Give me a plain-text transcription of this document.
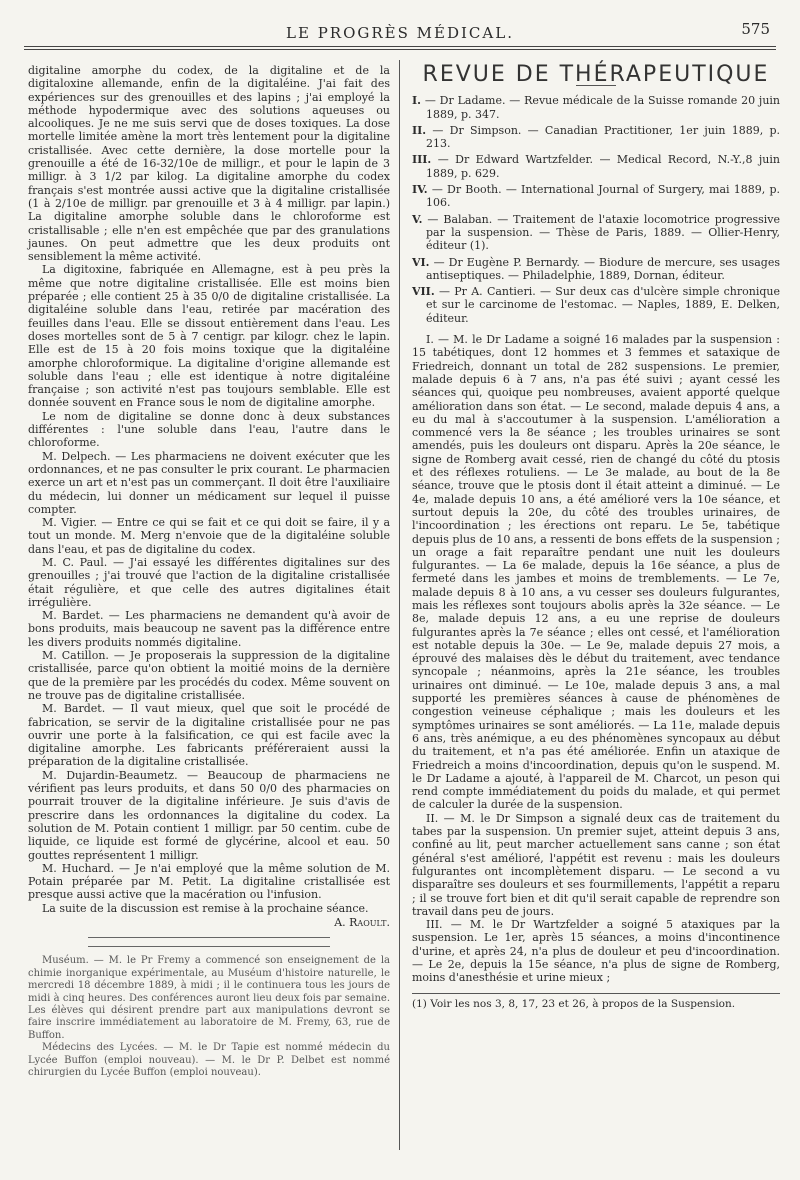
LE PROGRÈS MÉDICAL.	575

digitaline amorphe du codex, de la digitaline et de la digitaloxine allemande, enfin de la digitaléine. J'ai fait des expériences sur des grenouilles et des lapins ; j'ai employé la méthode hypodermique avec des solutions aqueuses ou alcooliques. Je ne me suis servi que de doses toxiques. La dose mortelle limitée amène la mort très lentement pour la digitaline cristallisée. Avec cette dernière, la dose mortelle pour la grenouille a été de 16-32/10e de milligr., et pour le lapin de 3 milligr. à 3 1/2 par kilog. La digitaline amorphe du codex français s'est montrée aussi active que la digitaline cristallisée (1 à 2/10e de milligr. par grenouille et 3 à 4 milligr. par lapin.) La digitaline amorphe soluble dans le chloroforme est cristallisable ; elle n'en est empêchée que par des granulations jaunes. On peut admettre que les deux produits ont sensiblement la même activité.

La digitoxine, fabriquée en Allemagne, est à peu près la même que notre digitaline cristallisée. Elle est moins bien préparée ; elle contient 25 à 35 0/0 de digitaline cristallisée. La digitaléine soluble dans l'eau, retirée par macération des feuilles dans l'eau. Elle se dissout entièrement dans l'eau. Les doses mortelles sont de 5 à 7 centigr. par kilogr. chez le lapin. Elle est de 15 à 20 fois moins toxique que la digitaléine amorphe chloroformique. La digitaline d'origine allemande est soluble dans l'eau ; elle est identique à notre digitaléine française ; son activité n'est pas toujours semblable. Elle est donnée souvent en France sous le nom de digitaline amorphe.

Le nom de digitaline se donne donc à deux substances différentes : l'une soluble dans l'eau, l'autre dans le chloroforme.

M. Delpech. — Les pharmaciens ne doivent exécuter que les ordonnances, et ne pas consulter le prix courant. Le pharmacien exerce un art et n'est pas un commerçant. Il doit être l'auxiliaire du médecin, lui donner un médicament sur lequel il puisse compter.

M. Vigier. — Entre ce qui se fait et ce qui doit se faire, il y a tout un monde. M. Merg n'envoie que de la digitaléine soluble dans l'eau, et pas de digitaline du codex.

M. C. Paul. — J'ai essayé les différentes digitalines sur des grenouilles ; j'ai trouvé que l'action de la digitaline cristallisée était régulière, et que celle des autres digitalines était irrégulière.

M. Bardet. — Les pharmaciens ne demandent qu'à avoir de bons produits, mais beaucoup ne savent pas la différence entre les divers produits nommés digitaline.

M. Catillon. — Je proposerais la suppression de la digitaline cristallisée, parce qu'on obtient la moitié moins de la dernière que de la première par les procédés du codex. Même souvent on ne trouve pas de digitaline cristallisée.

M. Bardet. — Il vaut mieux, quel que soit le procédé de fabrication, se servir de la digitaline cristallisée pour ne pas ouvrir une porte à la falsification, ce qui est facile avec la digitaline amorphe. Les fabricants préféreraient aussi la préparation de la digitaline cristallisée.

M. Dujardin-Beaumetz. — Beaucoup de pharmaciens ne vérifient pas leurs produits, et dans 50 0/0 des pharmacies on pourrait trouver de la digitaline inférieure. Je suis d'avis de prescrire dans les ordonnances la digitaline du codex. La solution de M. Potain contient 1 milligr. par 50 centim. cube de liquide, ce liquide est formé de glycérine, alcool et eau. 50 gouttes représentent 1 milligr.

M. Huchard. — Je n'ai employé que la même solution de M. Potain préparée par M. Petit. La digitaline cristallisée est presque aussi active que la macération ou l'infusion.

La suite de la discussion est remise à la prochaine séance.

A. Raoult.

Muséum. — M. le Pr Fremy a commencé son enseignement de la chimie inorganique expérimentale, au Muséum d'histoire naturelle, le mercredi 18 décembre 1889, à midi ; il le continuera tous les jours de midi à cinq heures. Des conférences auront lieu deux fois par semaine. Les élèves qui désirent prendre part aux manipulations devront se faire inscrire immédiatement au laboratoire de M. Fremy, 63, rue de Buffon.

Médecins des Lycées. — M. le Dr Tapie est nommé médecin du Lycée Buffon (emploi nouveau). — M. le Dr P. Delbet est nommé chirurgien du Lycée Buffon (emploi nouveau).

REVUE DE THÉRAPEUTIQUE

I. — Dr Ladame. — Revue médicale de la Suisse romande 20 juin 1889, p. 347.

II. — Dr Simpson. — Canadian Practitioner, 1er juin 1889, p. 213.

III. — Dr Edward Wartzfelder. — Medical Record, N.-Y.,8 juin 1889, p. 629.

IV. — Dr Booth. — International Journal of Surgery, mai 1889, p. 106.

V. — Balaban. — Traitement de l'ataxie locomotrice progressive par la suspension. — Thèse de Paris, 1889. — Ollier-Henry, éditeur (1).

VI. — Dr Eugène P. Bernardy. — Biodure de mercure, ses usages antiseptiques. — Philadelphie, 1889, Dornan, éditeur.

VII. — Pr A. Cantieri. — Sur deux cas d'ulcère simple chronique et sur le carcinome de l'estomac. — Naples, 1889, E. Delken, éditeur.

I. — M. le Dr Ladame a soigné 16 malades par la suspension : 15 tabétiques, dont 12 hommes et 3 femmes et sataxique de Friedreich, donnant un total de 282 suspensions. Le premier, malade depuis 6 à 7 ans, n'a pas été suivi ; ayant cessé les séances qui, quoique peu nombreuses, avaient apporté quelque amélioration dans son état. — Le second, malade depuis 4 ans, a eu du mal à s'accoutumer à la suspension. L'amélioration a commencé vers la 8e séance ; les troubles urinaires se sont amendés, puis les douleurs ont disparu. Après la 20e séance, le signe de Romberg avait cessé, rien de changé du côté du ptosis et des réflexes rotuliens. — Le 3e malade, au bout de la 8e séance, trouve que le ptosis dont il était atteint a diminué. — Le 4e, malade depuis 10 ans, a été amélioré vers la 10e séance, et surtout depuis la 20e, du côté des troubles urinaires, de l'incoordination ; les érections ont reparu. Le 5e, tabétique depuis plus de 10 ans, a ressenti de bons effets de la suspension ; un orage a fait reparaître pendant une nuit les douleurs fulgurantes. — La 6e malade, depuis la 16e séance, a plus de fermeté dans les jambes et moins de tremblements. — Le 7e, malade depuis 8 à 10 ans, a vu cesser ses douleurs fulgurantes, mais les réflexes sont toujours abolis après la 32e séance. — Le 8e, malade depuis 12 ans, a eu une reprise de douleurs fulgurantes après la 7e séance ; elles ont cessé, et l'amélioration est notable depuis la 30e. — Le 9e, malade depuis 27 mois, a éprouvé des malaises dès le début du traitement, avec tendance syncopale ; néanmoins, après la 21e séance, les troubles urinaires ont diminué. — Le 10e, malade depuis 3 ans, a mal supporté les premières séances à cause de phénomènes de congestion veineuse céphalique ; mais les douleurs et les symptômes urinaires se sont améliorés. — La 11e, malade depuis 6 ans, très anémique, a eu des phénomènes syncopaux au début du traitement, et n'a pas été améliorée. Enfin un ataxique de Friedreich a moins d'incoordination, depuis qu'on le suspend. M. le Dr Ladame a ajouté, à l'appareil de M. Charcot, un peson qui rend compte immédiatement du poids du malade, et qui permet de calculer la durée de la suspension.

II. — M. le Dr Simpson a signalé deux cas de traitement du tabes par la suspension. Un premier sujet, atteint depuis 3 ans, confiné au lit, peut marcher actuellement sans canne ; son état général s'est amélioré, l'appétit est revenu : mais les douleurs fulgurantes ont incomplètement disparu. — Le second a vu disparaître ses douleurs et ses fourmillements, l'appétit a reparu ; il se trouve fort bien et dit qu'il serait capable de reprendre son travail dans peu de jours.

III. — M. le Dr Wartzfelder a soigné 5 ataxiques par la suspension. Le 1er, après 15 séances, a moins d'incontinence d'urine, et après 24, n'a plus de douleur et peu d'incoordination. — Le 2e, depuis la 15e séance, n'a plus de signe de Romberg, moins d'anesthésie et urine mieux ;

(1) Voir les nos 3, 8, 17, 23 et 26, à propos de la Suspension.
